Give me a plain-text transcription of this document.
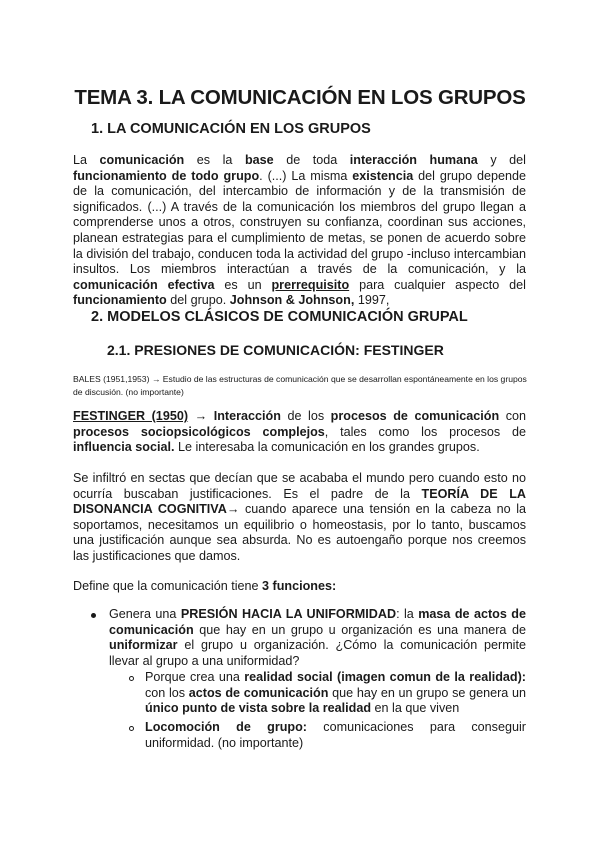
TEMA 3. LA COMUNICACIÓN EN LOS GRUPOS
1. LA COMUNICACIÓN EN LOS GRUPOS

La comunicación es la base de toda interacción humana y del funcionamiento de todo grupo. (...) La misma existencia del grupo depende de la comunicación, del intercambio de información y de la transmisión de significados. (...) A través de la comunicación los miembros del grupo llegan a comprenderse unos a otros, construyen su confianza, coordinan sus acciones, planean estrategias para el cumplimiento de metas, se ponen de acuerdo sobre la división del trabajo, conducen toda la actividad del grupo -incluso intercambian insultos. Los miembros interactúan a través de la comunicación, y la comunicación efectiva es un prerrequisito para cualquier aspecto del funcionamiento del grupo. Johnson & Johnson, 1997,

2. MODELOS CLÁSICOS DE COMUNICACIÓN GRUPAL
2.1. PRESIONES DE COMUNICACIÓN: FESTINGER

BALES (1951,1953) → Estudio de las estructuras de comunicación que se desarrollan espontáneamente en los grupos de discusión. (no importante)

FESTINGER (1950) → Interacción de los procesos de comunicación con procesos sociopsicológicos complejos, tales como los procesos de influencia social. Le interesaba la comunicación en los grandes grupos.

Se infiltró en sectas que decían que se acababa el mundo pero cuando esto no ocurría buscaban justificaciones. Es el padre de la TEORÍA DE LA DISONANCIA COGNITIVA→ cuando aparece una tensión en la cabeza no la soportamos, necesitamos un equilibrio o homeostasis, por lo tanto, buscamos una justificación aunque sea absurda. No es autoengaño porque nos creemos las justificaciones que damos.

Define que la comunicación tiene 3 funciones:

Genera una PRESIÓN HACIA LA UNIFORMIDAD: la masa de actos de comunicación que hay en un grupo u organización es una manera de uniformizar el grupo u organización. ¿Cómo la comunicación permite llevar al grupo a una uniformidad?

Porque crea una realidad social (imagen comun de la realidad): con los actos de comunicación que hay en un grupo se genera un único punto de vista sobre la realidad en la que viven

Locomoción de grupo: comunicaciones para conseguir uniformidad. (no importante)
